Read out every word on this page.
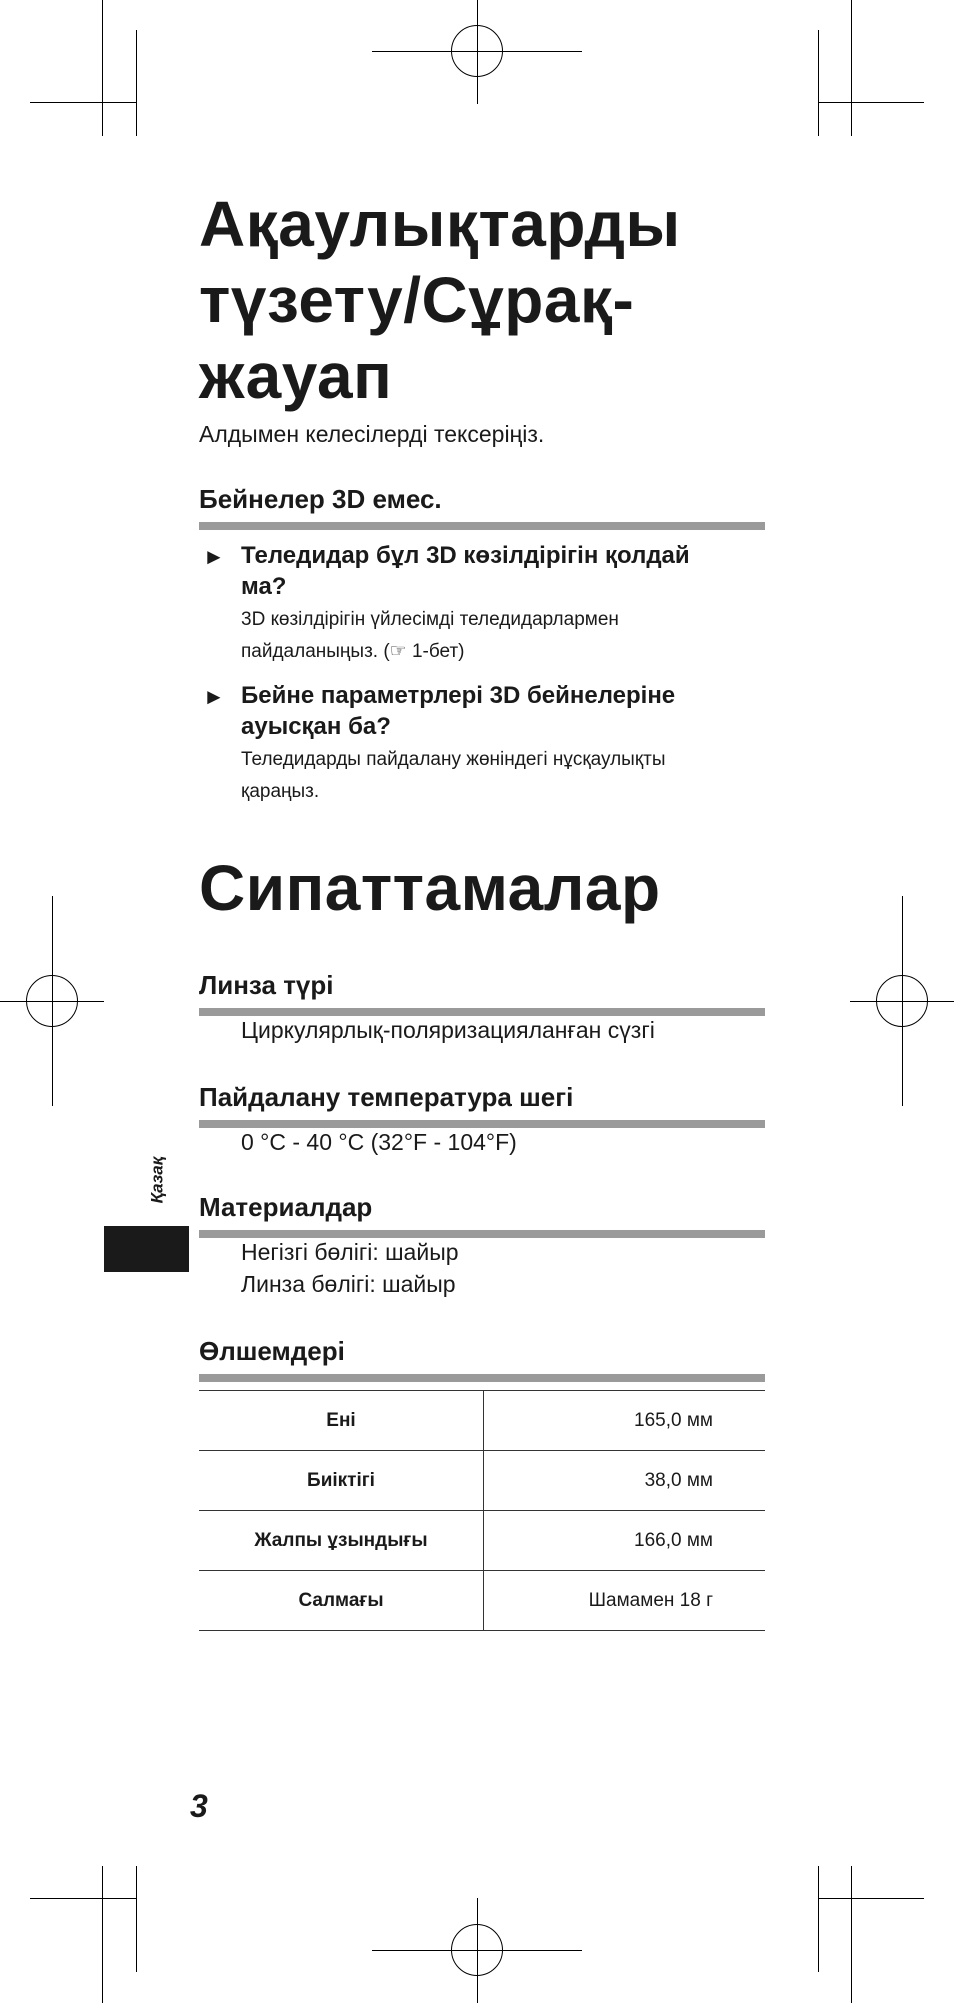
Ақаулықтарды
түзету/Сұрақ-
жауап
Алдымен келесілерді тексеріңіз.
Бейнелер 3D емес.
► Теледидар бұл 3D көзілдірігін қолдай
ма?
3D көзілдірігін үйлесімді теледидарлармен
пайдаланыңыз. (☞ 1-бет)
► Бейне параметрлері 3D бейнелеріне
ауысқан ба?
Теледидарды пайдалану жөніндегі нұсқаулықты
қараңыз.
Сипаттамалар
Линза түрі
Циркулярлық-поляризацияланған сүзгі
Пайдалану температура шегі
0 °C - 40 °C (32°F - 104°F)
Материалдар
Негізгі бөлігі: шайыр
Линза бөлігі: шайыр
Өлшемдері
Ені	165,0 мм
Биіктігі	38,0 мм
Жалпы ұзындығы	166,0 мм
Салмағы	Шамамен 18 г
Қазақ
3
